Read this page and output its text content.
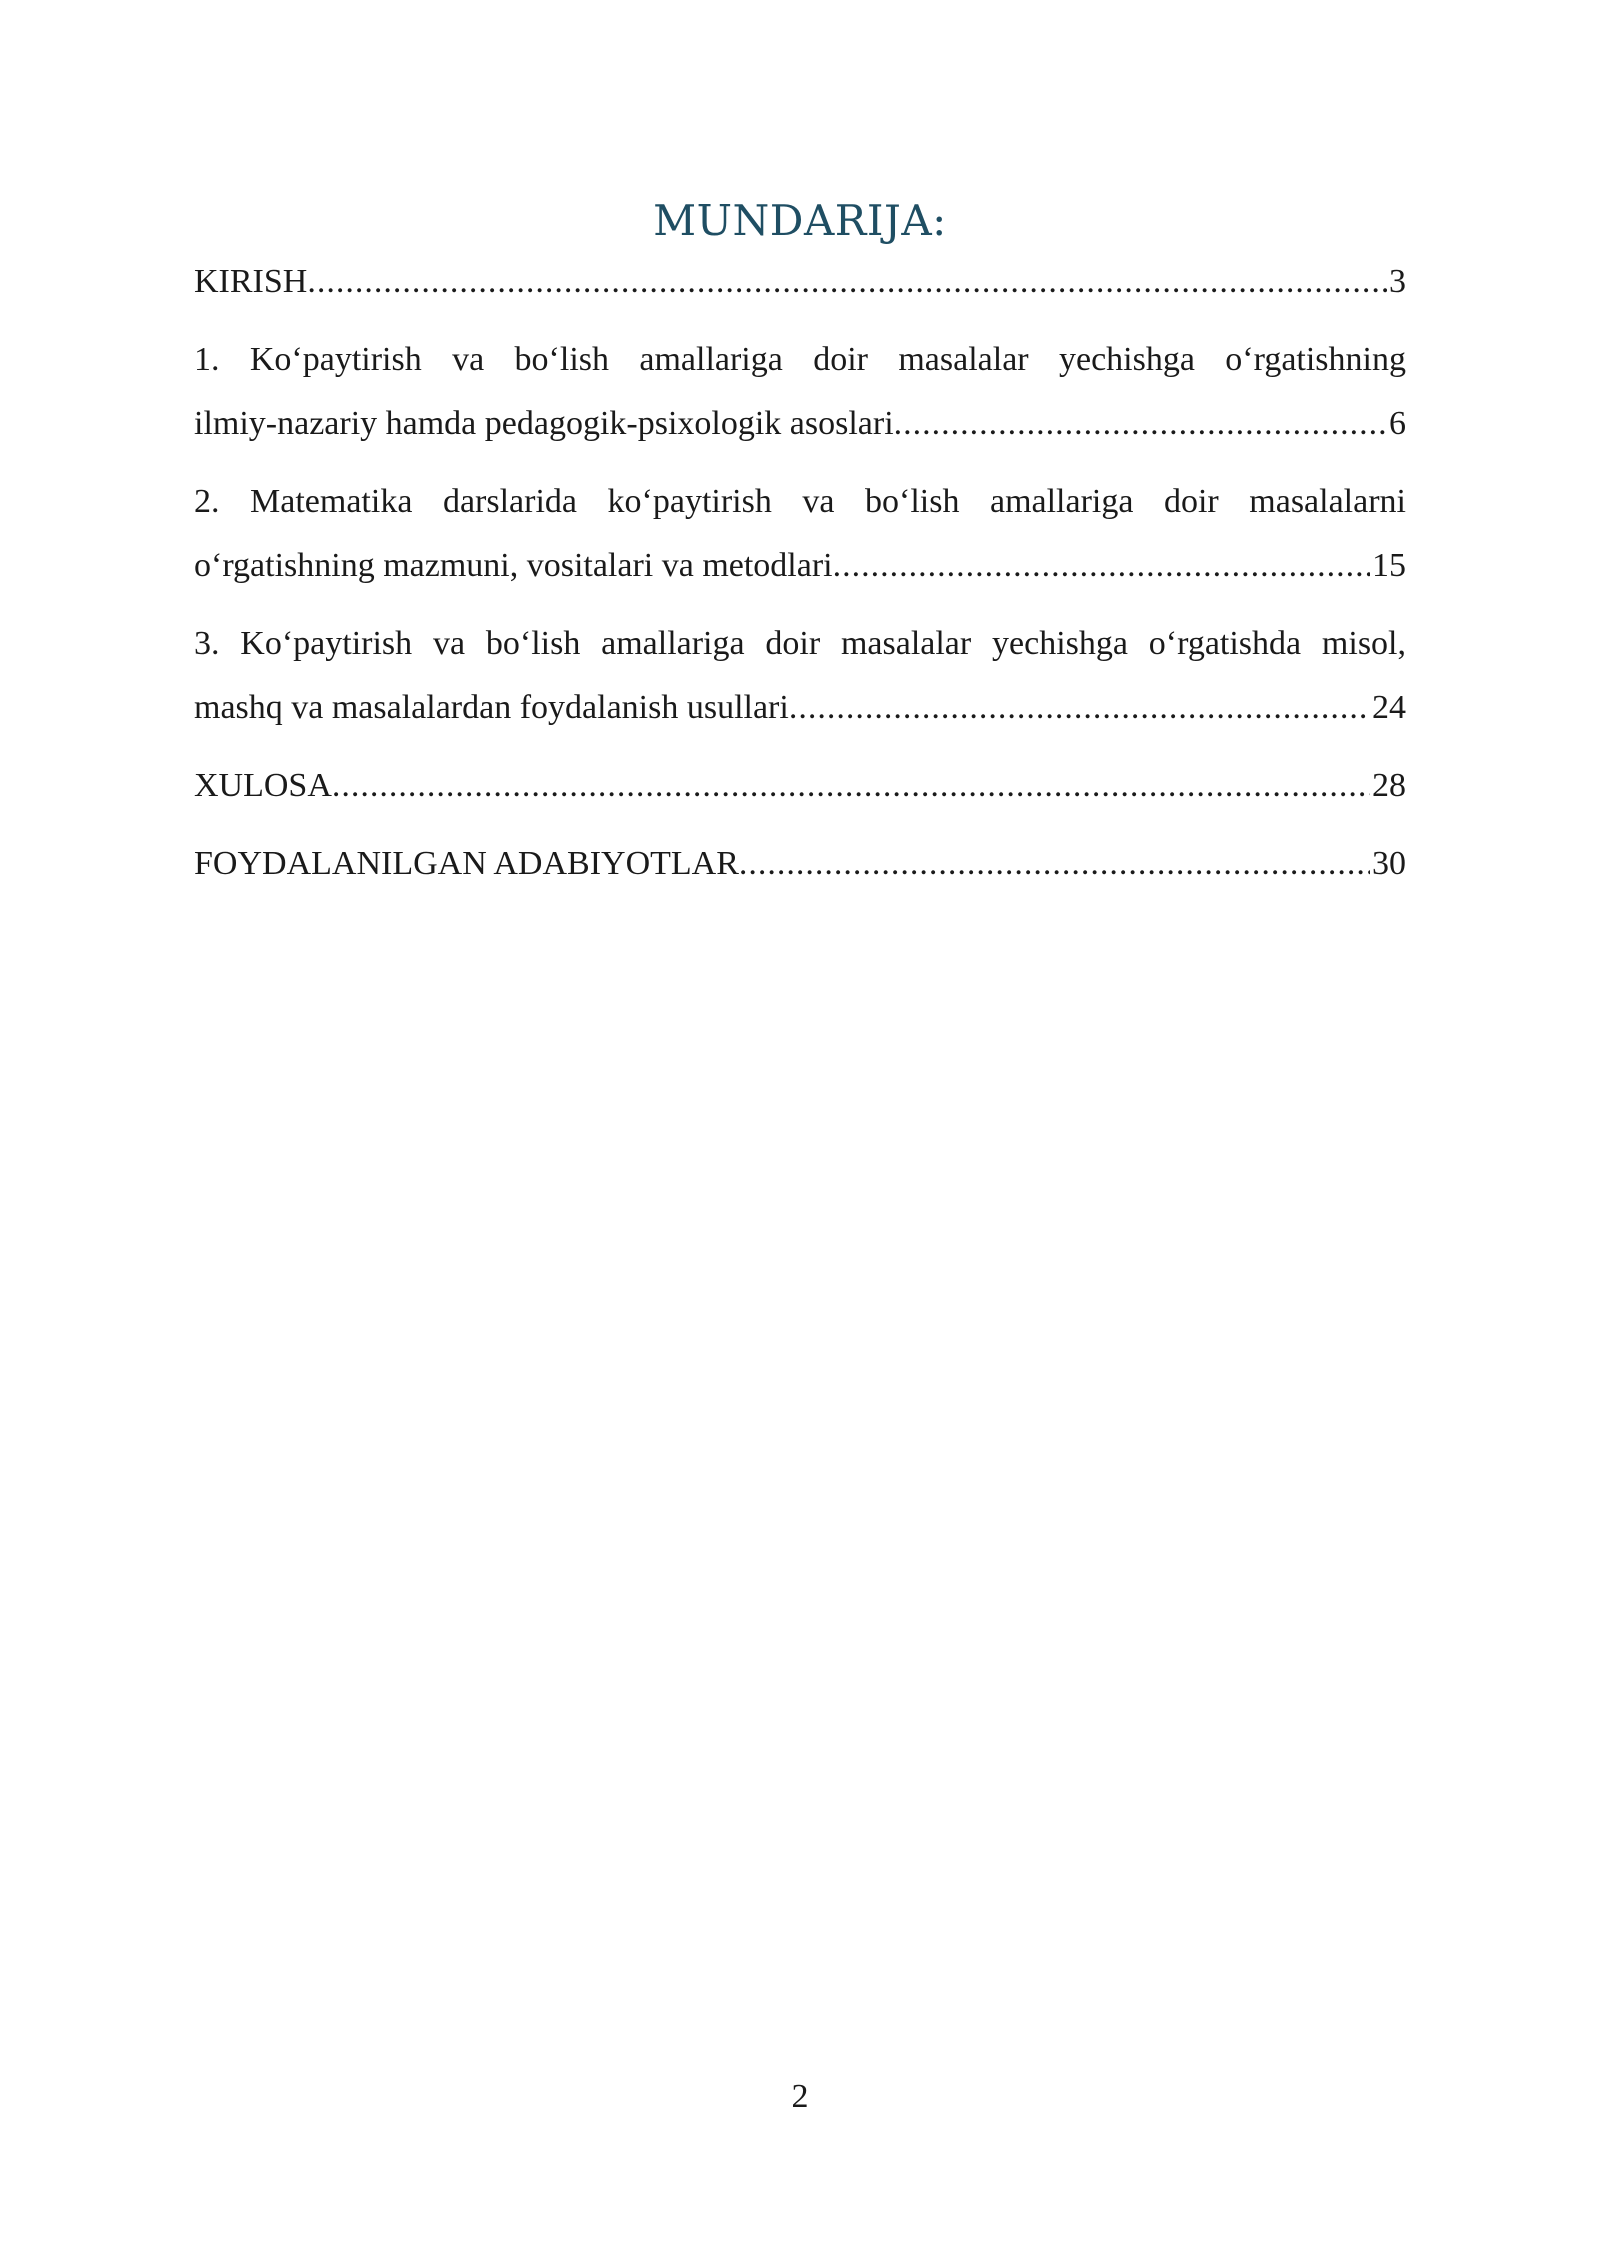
MUNDARIJA:
KIRISH .....	3
1. Ko‘paytirish va bo‘lish amallariga doir masalalar yechishga o‘rgatishning
ilmiy-nazariy hamda pedagogik-psixologik asoslari .....	6
2. Matematika darslarida ko‘paytirish va bo‘lish amallariga doir masalalarni
o‘rgatishning mazmuni, vositalari va metodlari .....	15
3. Ko‘paytirish va bo‘lish amallariga doir masalalar yechishga o‘rgatishda misol,
mashq va masalalardan foydalanish usullari .....	24
XULOSA .....	28
FOYDALANILGAN ADABIYOTLAR .....	30
2
